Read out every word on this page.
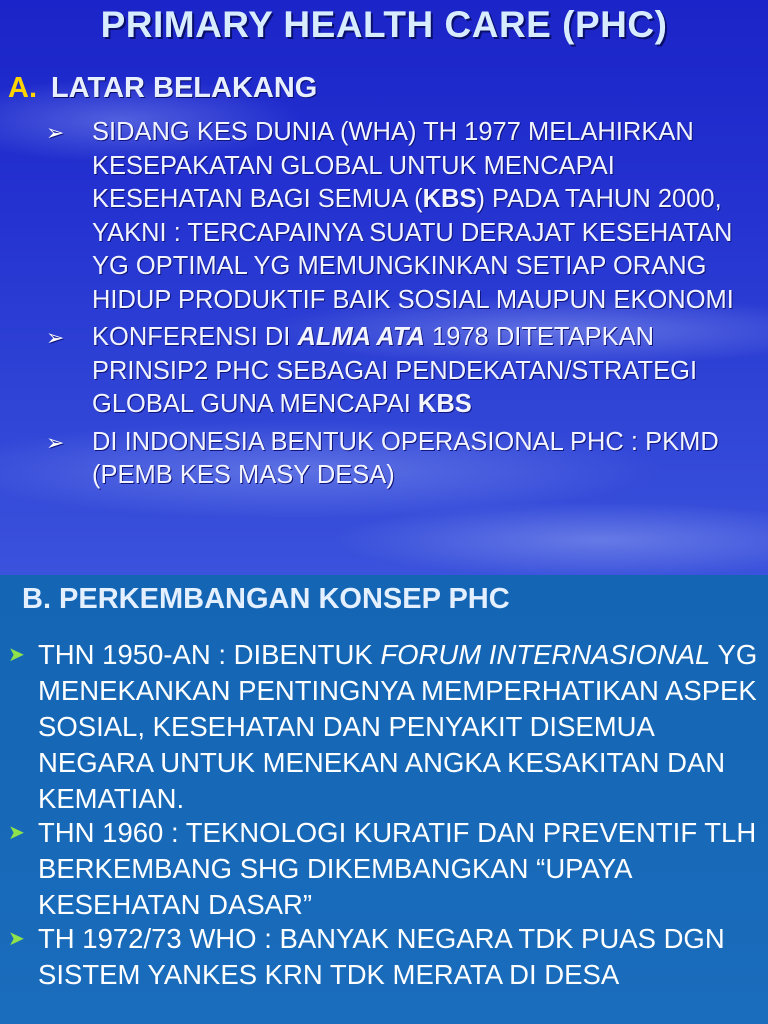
PRIMARY HEALTH CARE (PHC)
A. LATAR BELAKANG
➢ SIDANG KES DUNIA (WHA) TH 1977 MELAHIRKAN KESEPAKATAN GLOBAL UNTUK MENCAPAI KESEHATAN BAGI SEMUA (KBS) PADA TAHUN 2000, YAKNI : TERCAPAINYA SUATU DERAJAT KESEHATAN YG OPTIMAL YG MEMUNGKINKAN SETIAP ORANG HIDUP PRODUKTIF BAIK SOSIAL MAUPUN EKONOMI
➢ KONFERENSI DI ALMA ATA 1978 DITETAPKAN PRINSIP2 PHC SEBAGAI PENDEKATAN/STRATEGI GLOBAL GUNA MENCAPAI KBS
➢ DI INDONESIA BENTUK OPERASIONAL PHC : PKMD (PEMB KES MASY DESA)
B. PERKEMBANGAN KONSEP PHC
➤ THN 1950-AN : DIBENTUK FORUM INTERNASIONAL YG MENEKANKAN PENTINGNYA MEMPERHATIKAN ASPEK SOSIAL, KESEHATAN DAN PENYAKIT DISEMUA NEGARA UNTUK MENEKAN ANGKA KESAKITAN DAN KEMATIAN.
➤ THN 1960 : TEKNOLOGI KURATIF DAN PREVENTIF TLH BERKEMBANG SHG DIKEMBANGKAN “UPAYA KESEHATAN DASAR”
➤ TH 1972/73 WHO : BANYAK NEGARA TDK PUAS DGN SISTEM YANKES KRN TDK MERATA DI DESA
